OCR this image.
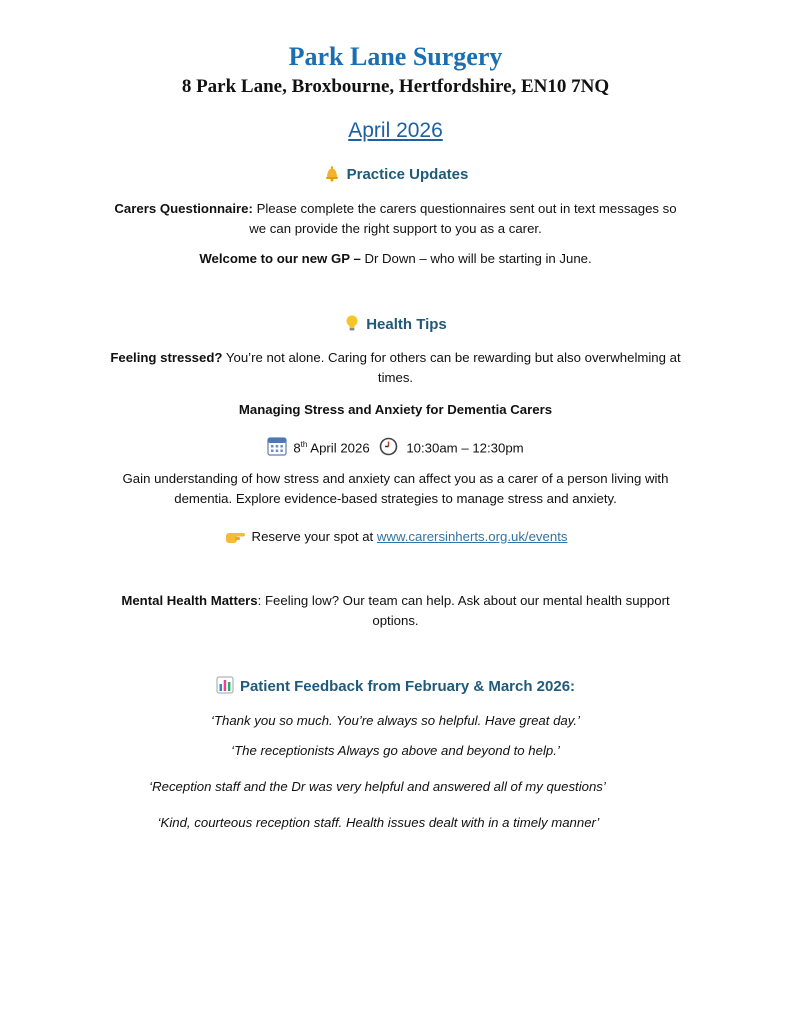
Park Lane Surgery
8 Park Lane, Broxbourne, Hertfordshire, EN10 7NQ
April 2026
Practice Updates
Carers Questionnaire: Please complete the carers questionnaires sent out in text messages so
we can provide the right support to you as a carer.
Welcome to our new GP – Dr Down – who will be starting in June.
Health Tips
Feeling stressed? You’re not alone. Caring for others can be rewarding but also overwhelming at
times.
Managing Stress and Anxiety for Dementia Carers
8th April 2026	10:30am – 12:30pm
Gain understanding of how stress and anxiety can affect you as a carer of a person living with
dementia. Explore evidence-based strategies to manage stress and anxiety.
Reserve your spot at www.carersinherts.org.uk/events
Mental Health Matters: Feeling low? Our team can help. Ask about our mental health support
options.
Patient Feedback from February & March 2026:
‘Thank you so much. You’re always so helpful. Have great day.’
‘The receptionists Always go above and beyond to help.’
‘Reception staff and the Dr was very helpful and answered all of my questions’
‘Kind, courteous reception staff. Health issues dealt with in a timely manner’
